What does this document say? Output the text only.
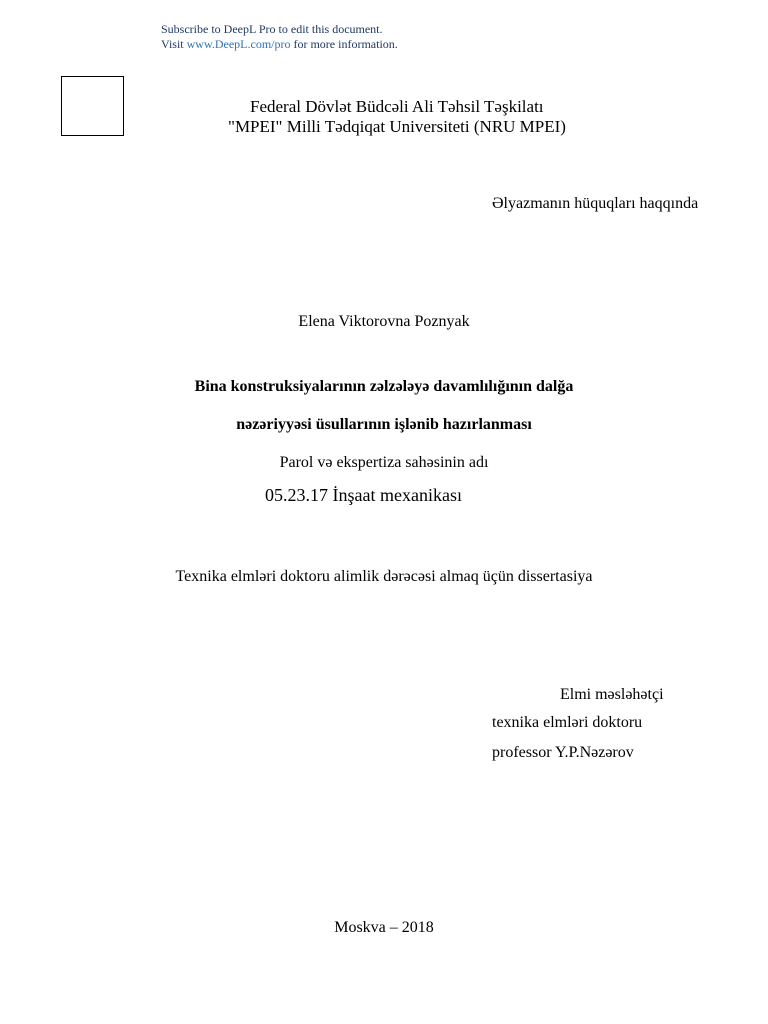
Subscribe to DeepL Pro to edit this document.
Visit www.DeepL.com/pro for more information.
Federal Dövlət Büdcəli Ali Təhsil Təşkilatı
"MPEI" Milli Tədqiqat Universiteti (NRU MPEI)
Əlyazmanın hüquqları haqqında
Elena Viktorovna Poznyak
Bina konstruksiyalarının zəlzələyə davamlılığının dalğa
nəzəriyyəsi üsullarının işlənib hazırlanması
Parol və ekspertiza sahəsinin adı
05.23.17 İnşaat mexanikası
Texnika elmləri doktoru alimlik dərəcəsi almaq üçün dissertasiya
Elmi məsləhətçi
texnika elmləri doktoru
professor Y.P.Nəzərov
Moskva – 2018
